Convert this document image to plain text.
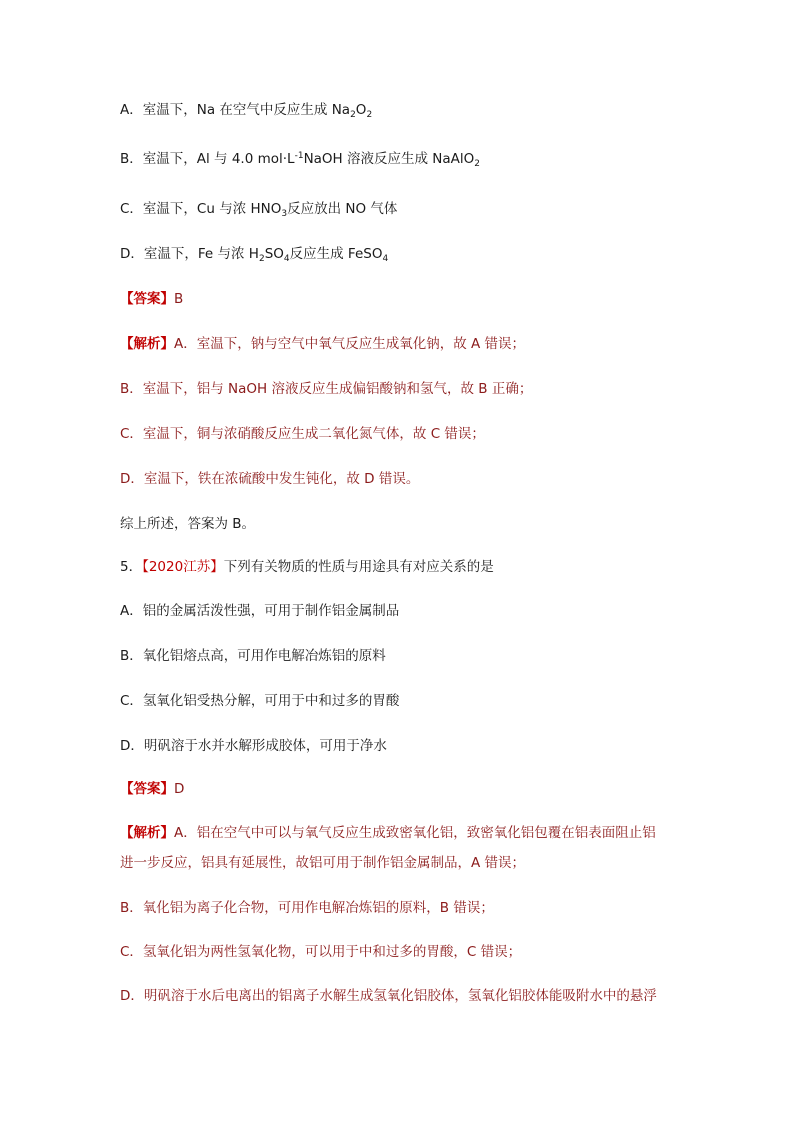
A．室温下，Na 在空气中反应生成 $Na_2O_2$
B．室温下，Al 与 4.0 $mol\cdot L^{-1}NaOH$ 溶液反应生成 NaAlO$_2$
C．室温下，Cu 与浓 $HNO_3$反应放出 NO 气体
D．室温下，Fe 与浓 $H_2SO_4$反应生成 FeSO$_4$
【答案】B
【解析】A．室温下，钠与空气中氧气反应生成氧化钠，故 A 错误；
B．室温下，铝与 NaOH 溶液反应生成偏铝酸钠和氢气，故 B 正确；
C．室温下，铜与浓硝酸反应生成二氧化氮气体，故 C 错误；
D．室温下，铁在浓硫酸中发生钝化，故 D 错误。
综上所述，答案为 B。
5．【2020江苏】下列有关物质的性质与用途具有对应关系的是
A．铝的金属活泼性强，可用于制作铝金属制品
B．氧化铝熔点高，可用作电解冶炼铝的原料
C．氢氧化铝受热分解，可用于中和过多的胃酸
D．明矾溶于水并水解形成胶体，可用于净水
【答案】D
【解析】A．铝在空气中可以与氧气反应生成致密氧化铝，致密氧化铝包覆在铝表面阻止铝
进一步反应，铝具有延展性，故铝可用于制作铝金属制品，A 错误；
B．氧化铝为离子化合物，可用作电解冶炼铝的原料，B 错误；
C．氢氧化铝为两性氢氧化物，可以用于中和过多的胃酸，C 错误；
D．明矾溶于水后电离出的铝离子水解生成氢氧化铝胶体，氢氧化铝胶体能吸附水中的悬浮
